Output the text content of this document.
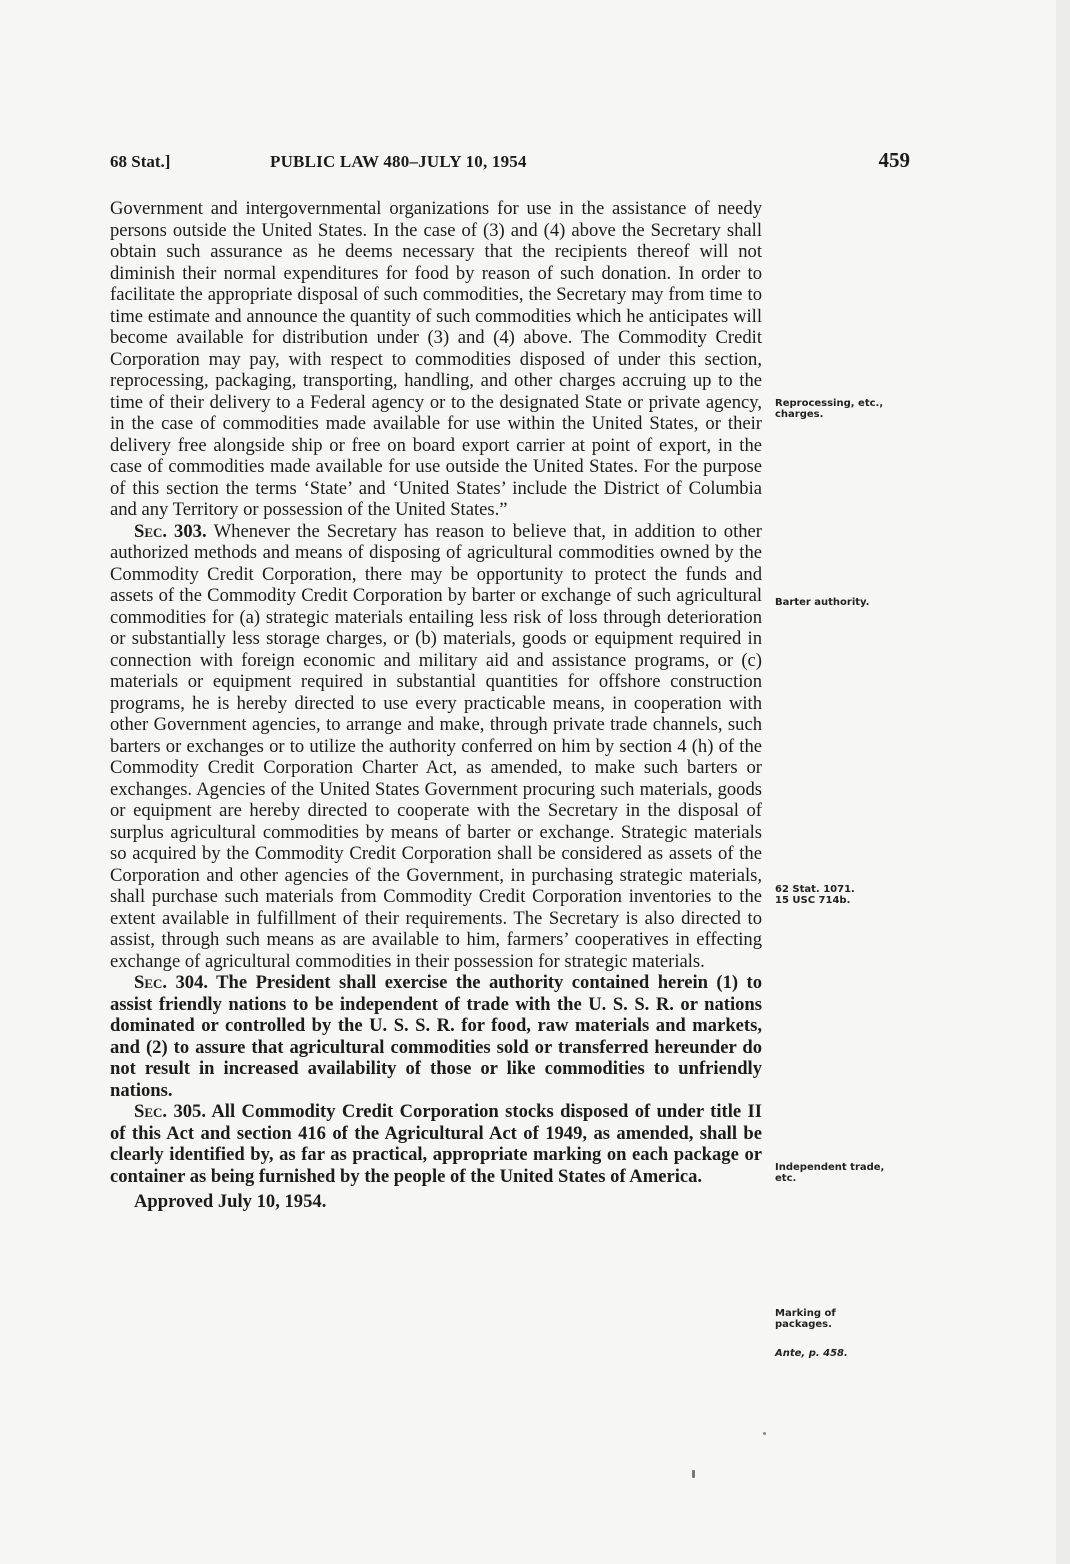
68 Stat.]	PUBLIC LAW 480–JULY 10, 1954	459

Government and intergovernmental organizations for use in the assistance of needy persons outside the United States. In the case of (3) and (4) above the Secretary shall obtain such assurance as he deems necessary that the recipients thereof will not diminish their normal expenditures for food by reason of such donation. In order to facilitate the appropriate disposal of such commodities, the Secretary may from time to time estimate and announce the quantity of such commodities which he anticipates will become available for distribution under (3) and (4) above. The Commodity Credit Corporation may pay, with respect to commodities disposed of under this section, reprocessing, packaging, transporting, handling, and other charges accruing up to the time of their delivery to a Federal agency or to the designated State or private agency, in the case of commodities made available for use within the United States, or their delivery free alongside ship or free on board export carrier at point of export, in the case of commodities made available for use outside the United States. For the purpose of this section the terms ‘State’ and ‘United States’ include the District of Columbia and any Territory or possession of the United States.”

Sec. 303. Whenever the Secretary has reason to believe that, in addition to other authorized methods and means of disposing of agricultural commodities owned by the Commodity Credit Corporation, there may be opportunity to protect the funds and assets of the Commodity Credit Corporation by barter or exchange of such agricultural commodities for (a) strategic materials entailing less risk of loss through deterioration or substantially less storage charges, or (b) materials, goods or equipment required in connection with foreign economic and military aid and assistance programs, or (c) materials or equipment required in substantial quantities for offshore construction programs, he is hereby directed to use every practicable means, in cooperation with other Government agencies, to arrange and make, through private trade channels, such barters or exchanges or to utilize the authority conferred on him by section 4 (h) of the Commodity Credit Corporation Charter Act, as amended, to make such barters or exchanges. Agencies of the United States Government procuring such materials, goods or equipment are hereby directed to cooperate with the Secretary in the disposal of surplus agricultural commodities by means of barter or exchange. Strategic materials so acquired by the Commodity Credit Corporation shall be considered as assets of the Corporation and other agencies of the Government, in purchasing strategic materials, shall purchase such materials from Commodity Credit Corporation inventories to the extent available in fulfillment of their requirements. The Secretary is also directed to assist, through such means as are available to him, farmers’ cooperatives in effecting exchange of agricultural commodities in their possession for strategic materials.

Sec. 304. The President shall exercise the authority contained herein (1) to assist friendly nations to be independent of trade with the U. S. S. R. or nations dominated or controlled by the U. S. S. R. for food, raw materials and markets, and (2) to assure that agricultural commodities sold or transferred hereunder do not result in increased availability of those or like commodities to unfriendly nations.

Sec. 305. All Commodity Credit Corporation stocks disposed of under title II of this Act and section 416 of the Agricultural Act of 1949, as amended, shall be clearly identified by, as far as practical, appropriate marking on each package or container as being furnished by the people of the United States of America.

Approved July 10, 1954.

Reprocessing, etc., charges.
Barter authority.
62 Stat. 1071. 15 USC 714b.
Independent trade, etc.
Marking of packages.
Ante, p. 458.
